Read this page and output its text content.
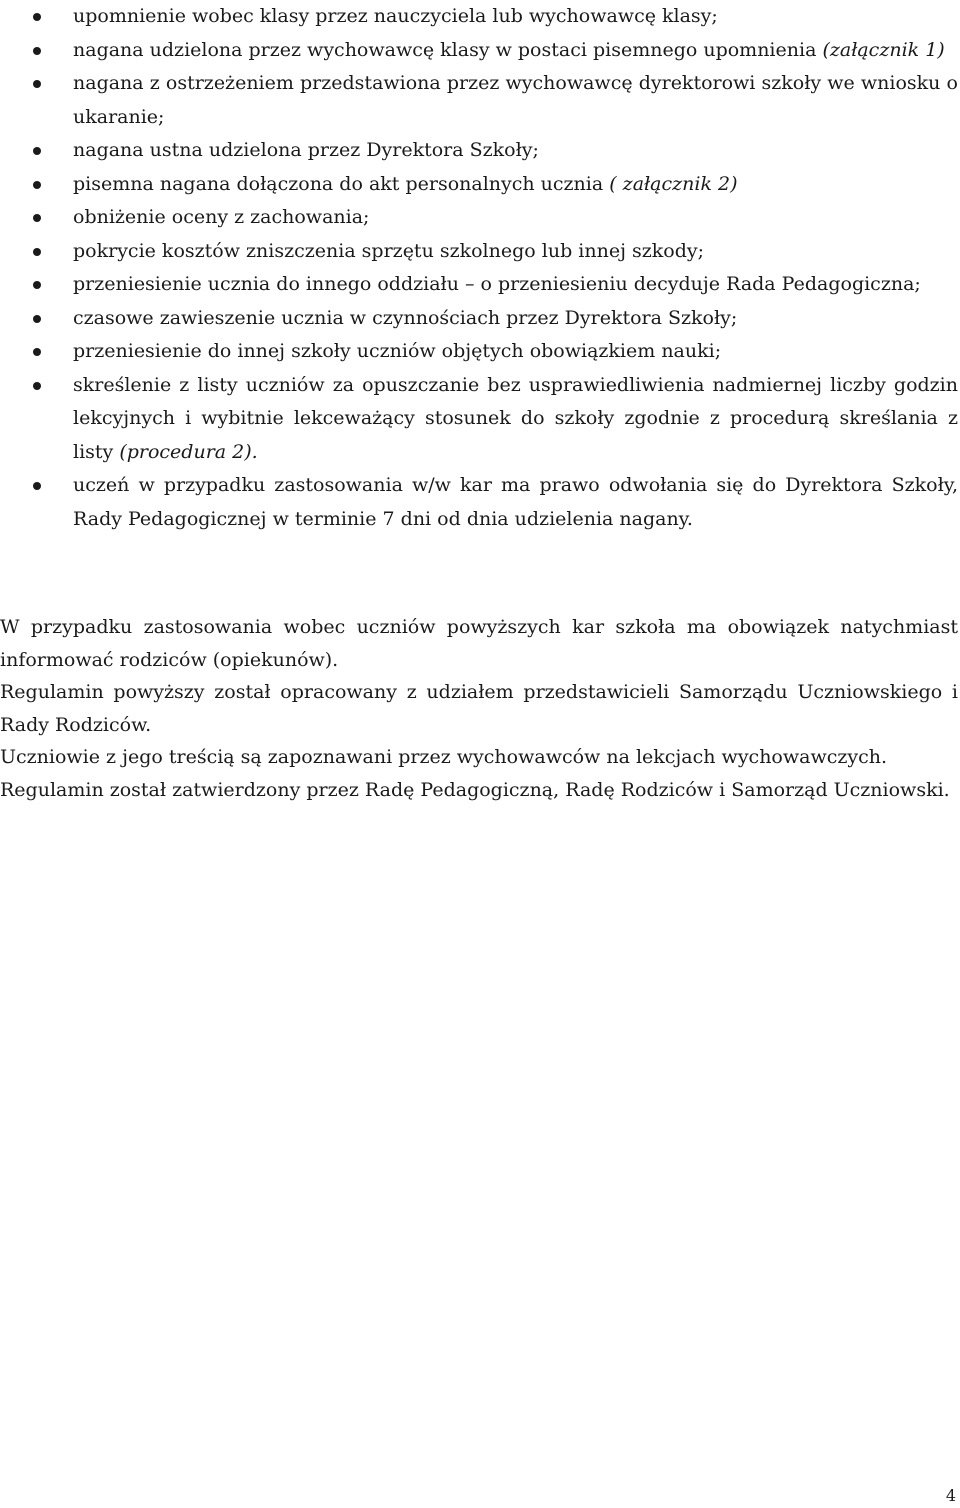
upomnienie wobec klasy przez nauczyciela lub wychowawcę klasy;
nagana udzielona przez wychowawcę klasy w postaci pisemnego upomnienia (załącznik 1)
nagana z ostrzeżeniem przedstawiona przez wychowawcę dyrektorowi szkoły we wniosku o ukaranie;
nagana ustna udzielona przez Dyrektora Szkoły;
pisemna nagana dołączona do akt personalnych ucznia ( załącznik 2)
obniżenie oceny z zachowania;
pokrycie kosztów zniszczenia sprzętu szkolnego lub innej szkody;
przeniesienie ucznia do innego oddziału – o przeniesieniu decyduje Rada Pedagogiczna;
czasowe zawieszenie ucznia w czynnościach przez Dyrektora Szkoły;
przeniesienie do innej szkoły uczniów objętych obowiązkiem nauki;
skreślenie z listy uczniów za opuszczanie bez usprawiedliwienia nadmiernej liczby godzin lekcyjnych i wybitnie lekceważący stosunek do szkoły zgodnie z procedurą skreślania z listy (procedura 2).
uczeń w przypadku zastosowania w/w kar ma prawo odwołania się do Dyrektora Szkoły, Rady Pedagogicznej w terminie 7 dni od dnia udzielenia nagany.

W przypadku zastosowania wobec uczniów powyższych kar szkoła ma obowiązek natychmiast informować rodziców (opiekunów).

Regulamin powyższy został opracowany z udziałem przedstawicieli Samorządu Uczniowskiego i Rady Rodziców.

Uczniowie z jego treścią są zapoznawani przez wychowawców na lekcjach wychowawczych.

Regulamin został zatwierdzony przez Radę Pedagogiczną, Radę Rodziców i Samorząd Uczniowski.

4
